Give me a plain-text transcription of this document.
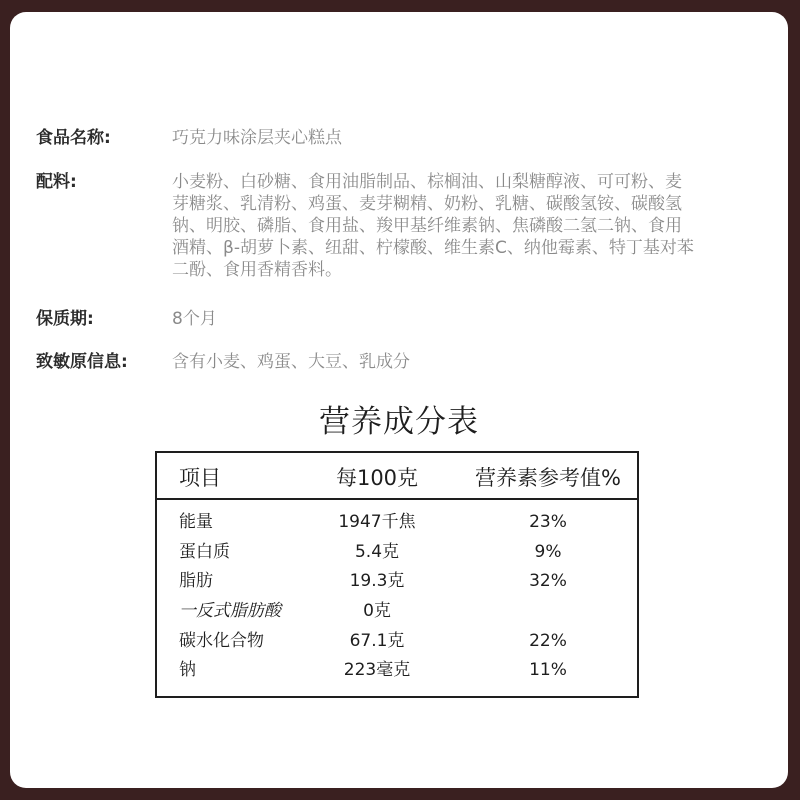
食品名称:	巧克力味涂层夹心糕点
配料:	小麦粉、白砂糖、食用油脂制品、棕榈油、山梨糖醇液、可可粉、麦
芽糖浆、乳清粉、鸡蛋、麦芽糊精、奶粉、乳糖、碳酸氢铵、碳酸氢
钠、明胶、磷脂、食用盐、羧甲基纤维素钠、焦磷酸二氢二钠、食用
酒精、β-胡萝卜素、纽甜、柠檬酸、维生素C、纳他霉素、特丁基对苯
二酚、食用香精香料。
保质期:	8个月
致敏原信息:	含有小麦、鸡蛋、大豆、乳成分
营养成分表
项目	每100克	营养素参考值%
能量	1947千焦	23%
蛋白质	5.4克	9%
脂肪	19.3克	32%
一反式脂肪酸	0克
碳水化合物	67.1克	22%
钠	223毫克	11%
